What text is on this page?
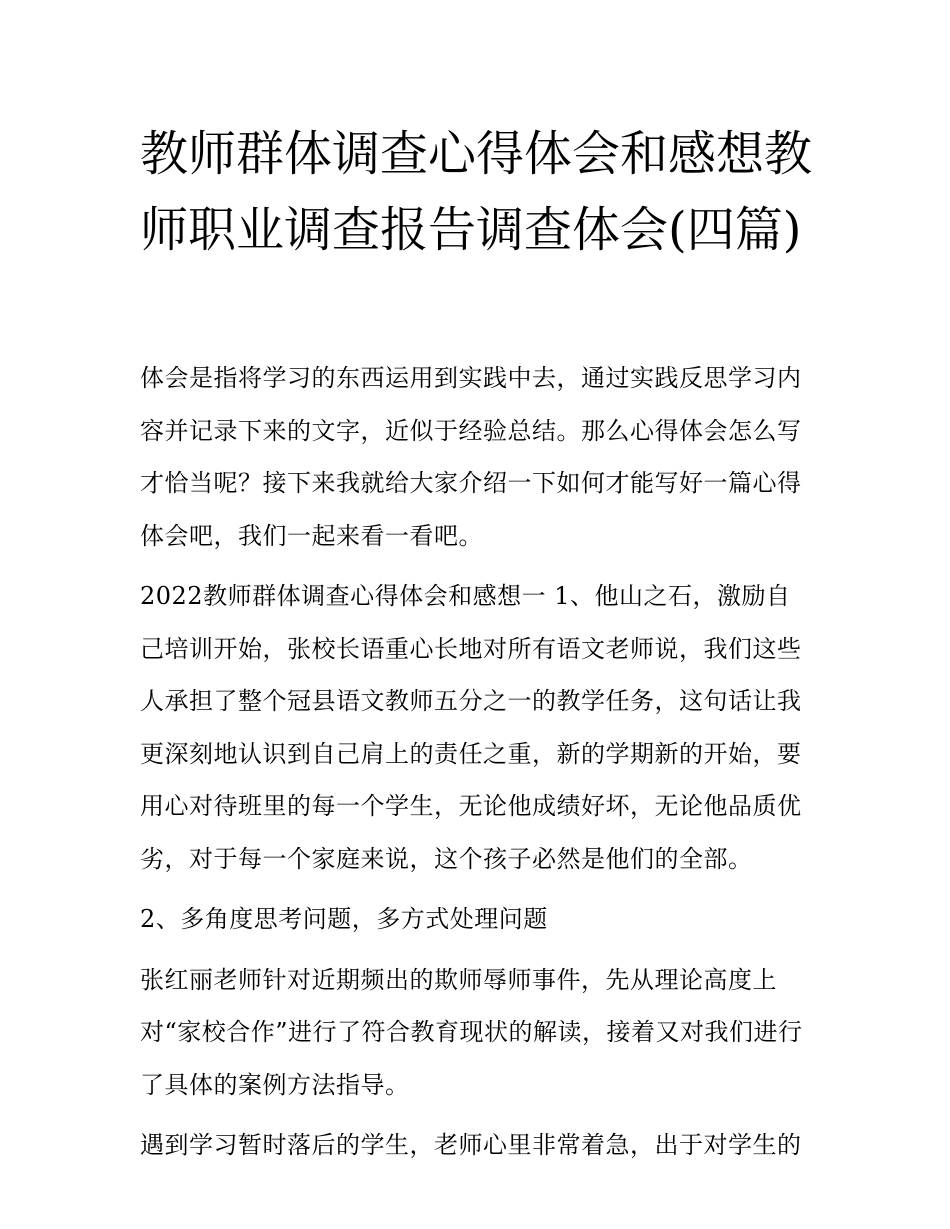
教师群体调查心得体会和感想教师职业调查报告调查体会(四篇)

体会是指将学习的东西运用到实践中去，通过实践反思学习内容并记录下来的文字，近似于经验总结。那么心得体会怎么写才恰当呢？接下来我就给大家介绍一下如何才能写好一篇心得体会吧，我们一起来看一看吧。

2022教师群体调查心得体会和感想一 1、他山之石，激励自己培训开始，张校长语重心长地对所有语文老师说，我们这些人承担了整个冠县语文教师五分之一的教学任务，这句话让我更深刻地认识到自己肩上的责任之重，新的学期新的开始，要用心对待班里的每一个学生，无论他成绩好坏，无论他品质优劣，对于每一个家庭来说，这个孩子必然是他们的全部。

2、多角度思考问题，多方式处理问题

张红丽老师针对近期频出的欺师辱师事件，先从理论高度上对“家校合作”进行了符合教育现状的解读，接着又对我们进行了具体的案例方法指导。

遇到学习暂时落后的学生，老师心里非常着急，出于对学生的
